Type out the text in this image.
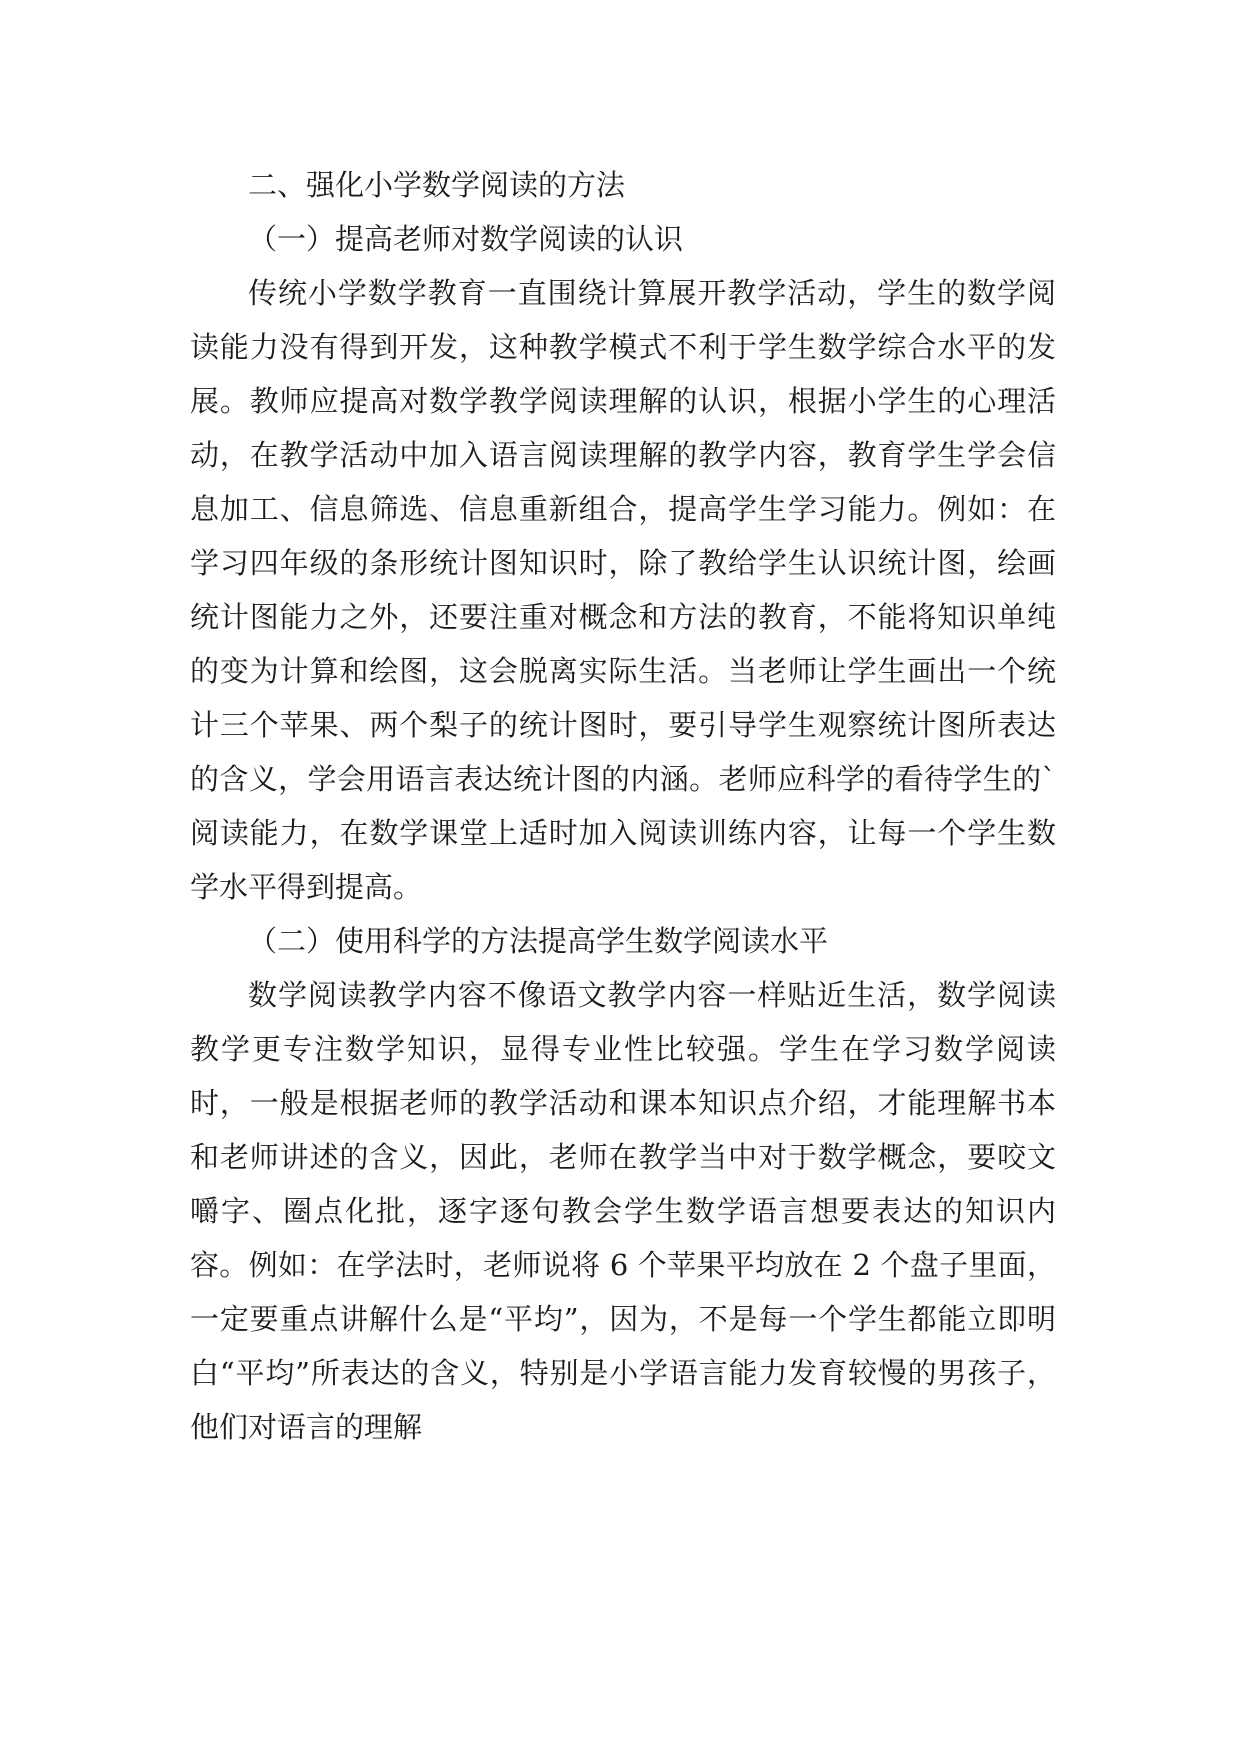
二、强化小学数学阅读的方法
（一）提高老师对数学阅读的认识

传统小学数学教育一直围绕计算展开教学活动，学生的数学阅读能力没有得到开发，这种教学模式不利于学生数学综合水平的发展。教师应提高对数学教学阅读理解的认识，根据小学生的心理活动，在教学活动中加入语言阅读理解的教学内容，教育学生学会信息加工、信息筛选、信息重新组合，提高学生学习能力。例如：在学习四年级的条形统计图知识时，除了教给学生认识统计图，绘画统计图能力之外，还要注重对概念和方法的教育，不能将知识单纯的变为计算和绘图，这会脱离实际生活。当老师让学生画出一个统计三个苹果、两个梨子的统计图时，要引导学生观察统计图所表达的含义，学会用语言表达统计图的内涵。老师应科学的看待学生的`阅读能力，在数学课堂上适时加入阅读训练内容，让每一个学生数学水平得到提高。

（二）使用科学的方法提高学生数学阅读水平

数学阅读教学内容不像语文教学内容一样贴近生活，数学阅读教学更专注数学知识，显得专业性比较强。学生在学习数学阅读时，一般是根据老师的教学活动和课本知识点介绍，才能理解书本和老师讲述的含义，因此，老师在教学当中对于数学概念，要咬文嚼字、圈点化批，逐字逐句教会学生数学语言想要表达的知识内容。例如：在学法时，老师说将 6 个苹果平均放在 2 个盘子里面，一定要重点讲解什么是“平均”，因为，不是每一个学生都能立即明白“平均”所表达的含义，特别是小学语言能力发育较慢的男孩子，他们对语言的理解
